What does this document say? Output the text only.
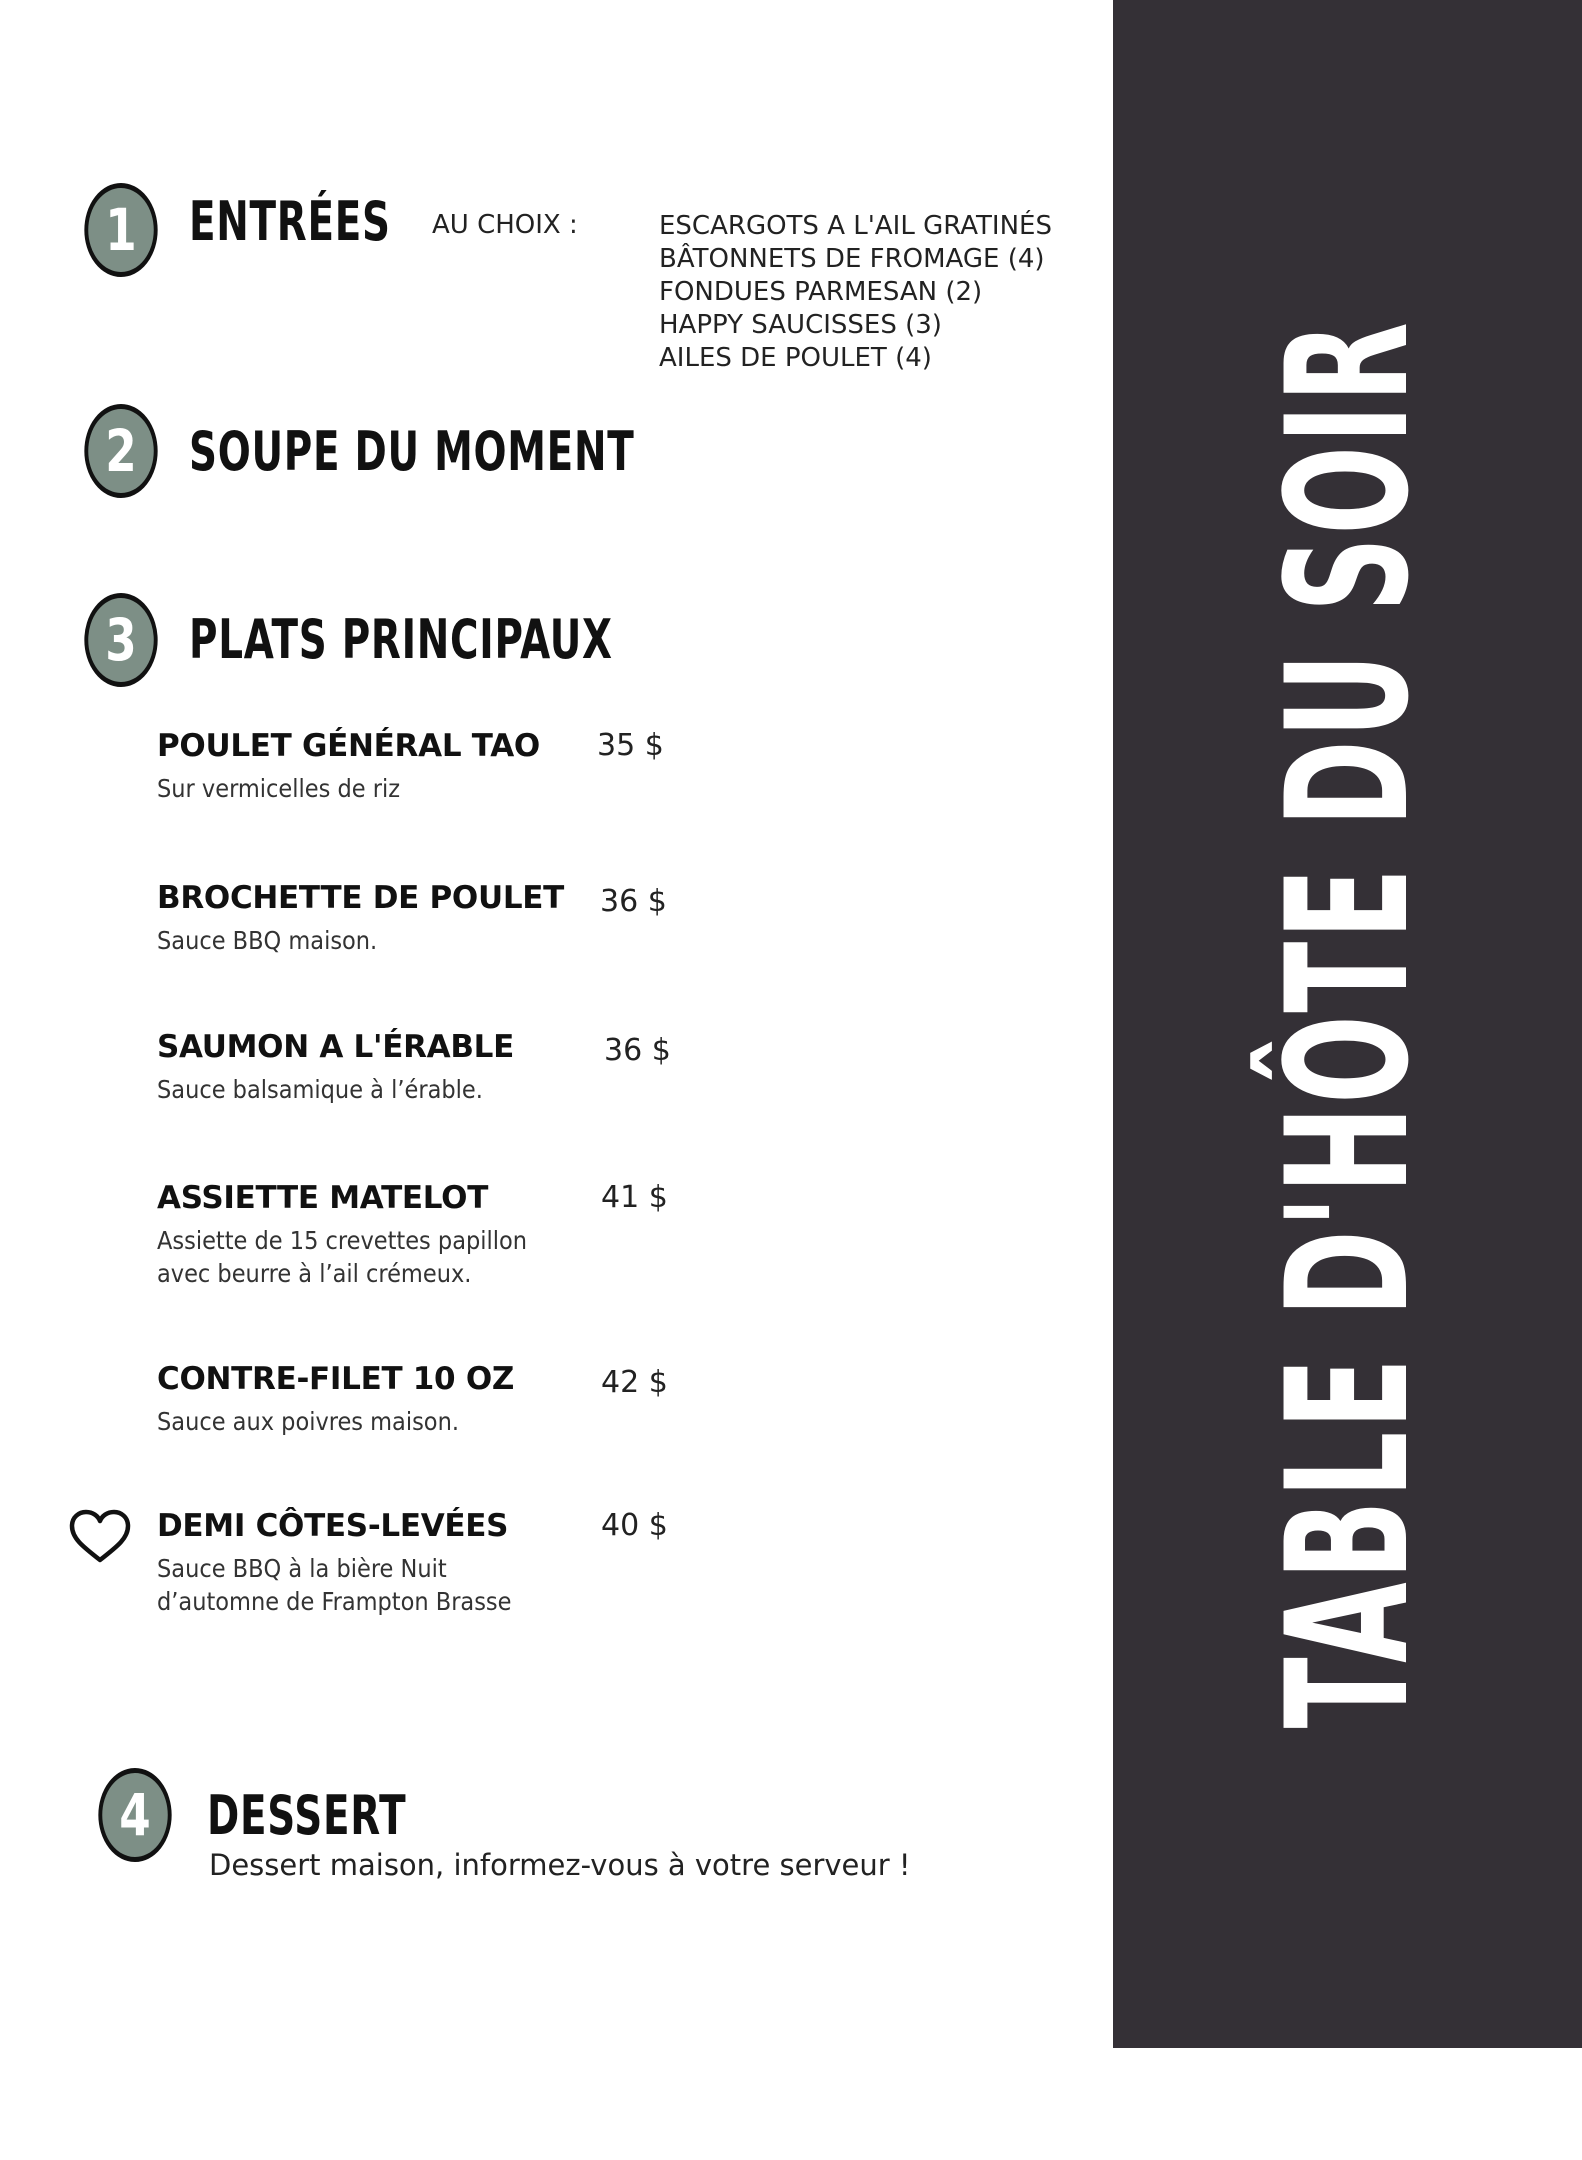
1 ENTRÉES AU CHOIX :	ESCARGOTS A L'AIL GRATINÉS
BÂTONNETS DE FROMAGE (4)
FONDUES PARMESAN (2)
HAPPY SAUCISSES (3)
AILES DE POULET (4)
2 SOUPE DU MOMENT
3 PLATS PRINCIPAUX
POULET GÉNÉRAL TAO	35 $
Sur vermicelles de riz
BROCHETTE DE POULET	36 $
Sauce BBQ maison.
SAUMON A L'ÉRABLE	36 $
Sauce balsamique à l’érable.
ASSIETTE MATELOT	41 $
Assiette de 15 crevettes papillon
avec beurre à l’ail crémeux.
CONTRE-FILET 10 OZ	42 $
Sauce aux poivres maison.
DEMI CÔTES-LEVÉES	40 $
Sauce BBQ à la bière Nuit
d’automne de Frampton Brasse
4	DESSERT
Dessert maison, informez-vous à votre serveur !
TABLE D'HÔTE DU SOIR
